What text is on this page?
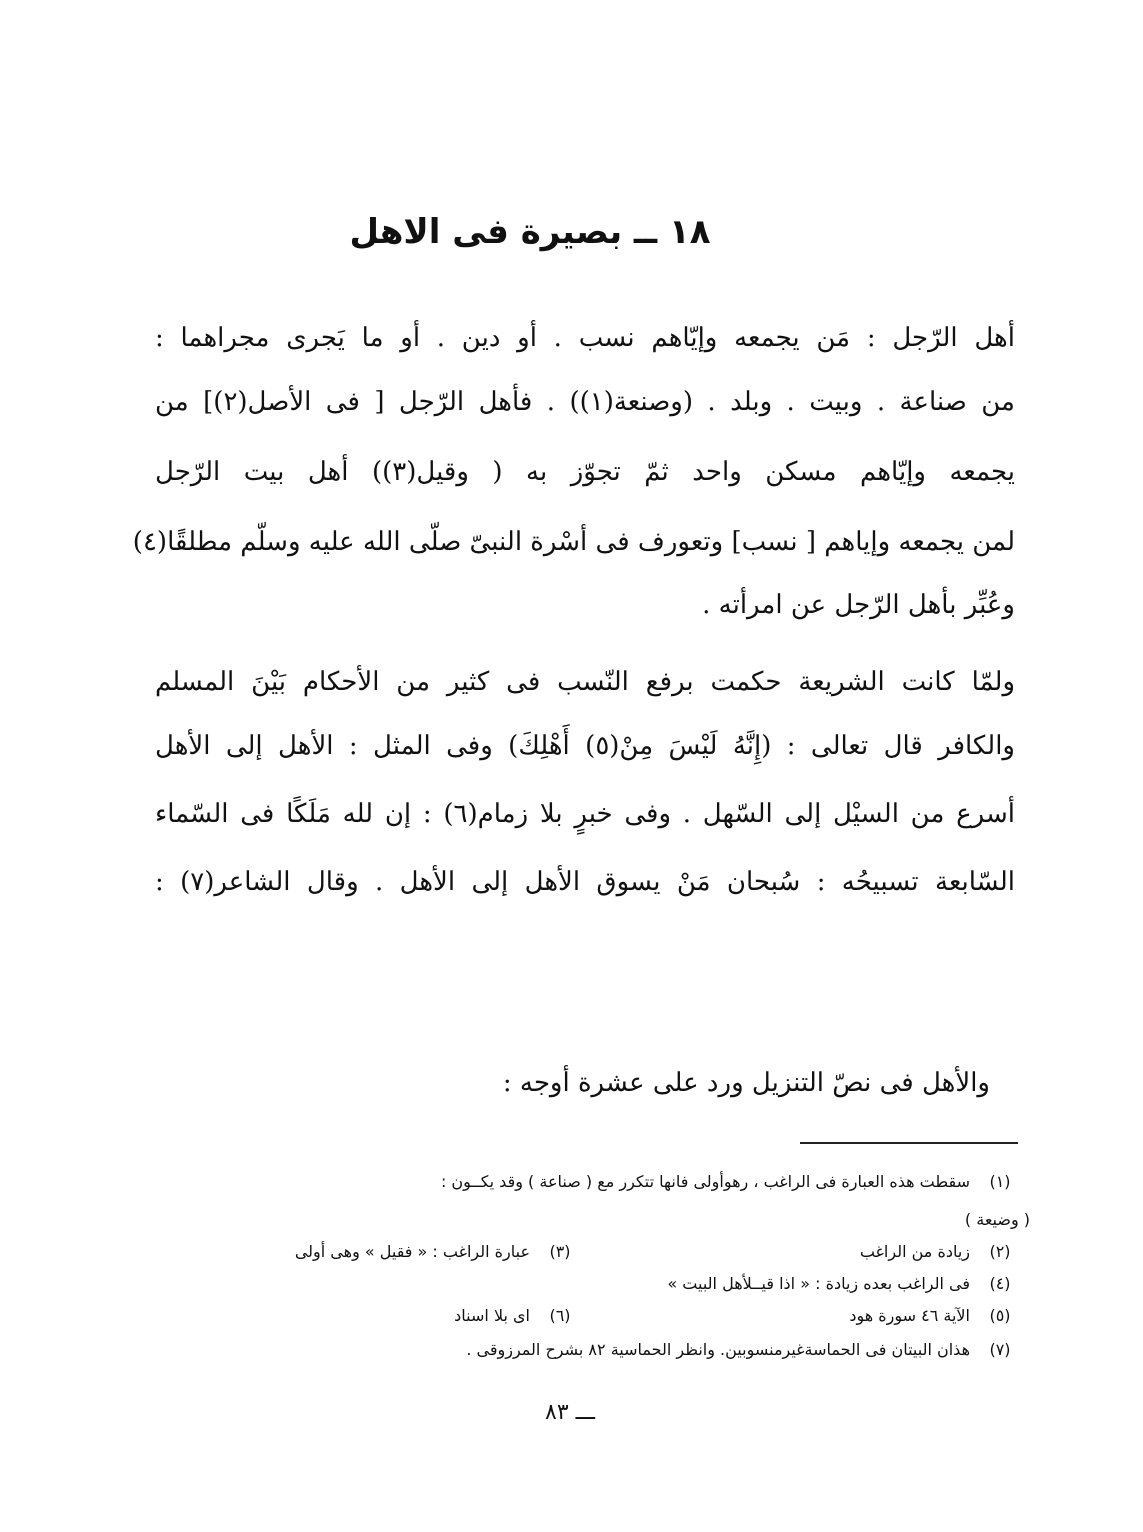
١٨ ــ بصيرة فى الاهل
أهل الرّجل : مَن يجمعه وإيّاهم نسب . أو دين . أو ما يَجرى مجراهما :
من صناعة . وبيت . وبلد . (وصنعة(١)) . فأهل الرّجل [ فى الأصل(٢)] من
يجمعه وإيّاهم مسكن واحد ثمّ تجوّز به ( وقيل(٣)) أهل بيت الرّجل
لمن يجمعه وإياهم [ نسب] وتعورف فى أسْرة النبىّ صلّى الله عليه وسلّم مطلقًا(٤)
وعُبِّر بأهل الرّجل عن امرأته .
ولمّا كانت الشريعة حكمت برفع النّسب فى كثير من الأحكام بَيْنَ المسلم
والكافر قال تعالى : (إِنَّهُ لَيْسَ مِنْ(٥) أَهْلِكَ) وفى المثل : الأهل إلى الأهل
أسرع من السيْل إلى السّهل . وفى خبرٍ بلا زمام(٦) : إن لله مَلَكًا فى السّماء
السّابعة تسبيحُه : سُبحان مَنْ يسوق الأهل إلى الأهل . وقال الشاعر(٧) :
والأهل فى نصّ التنزيل ورد على عشرة أوجه :
(١)
سقطت هذه العبارة فى الراغب ، رهوأولى فانها تتكرر مع ( صناعة ) وقد يكــون :
( وضيعة )
(٢)
زيادة من الراغب
(٣)
عبارة الراغب : « فقيل » وهى أولى
(٤)
فى الراغب بعده زيادة : « اذا قيــلأهل البيت »
(٥)
الآية ٤٦ سورة هود
(٦)
اى بلا اسناد
(٧)
هذان البيتان فى الحماسةغيرمنسوبين. وانظر الحماسية ٨٢ بشرح المرزوقى .
ـــ ٨٣
